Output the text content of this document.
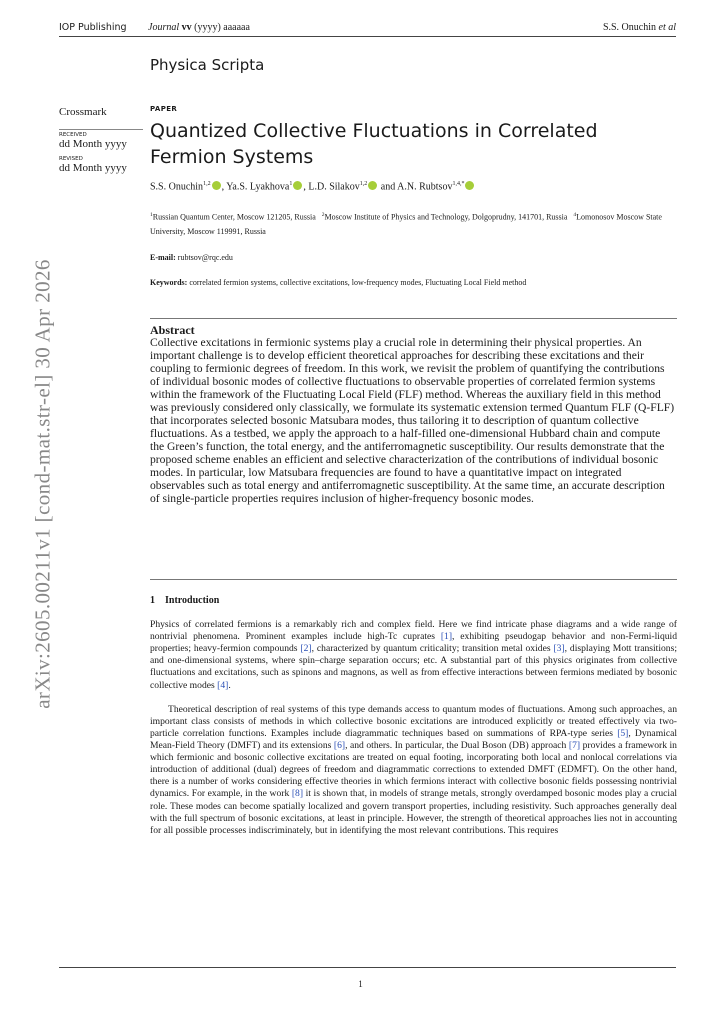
IOP Publishing Journal vv (yyyy) aaaaaa	S.S. Onuchin et al
Physica Scripta
Crossmark
RECEIVED
dd Month yyyy
REVISED
dd Month yyyy
PAPER
Quantized Collective Fluctuations in Correlated Fermion Systems
S.S. Onuchin$^{1,2}$ , Ya.S. Lyakhova$^1$ , L.D. Silakov$^{1,2}$ and A.N. Rubtsov$^{1,4,*}$
$^1$Russian Quantum Center, Moscow 121205, Russia $^2$Moscow Institute of Physics and Technology, Dolgoprudny, 141701, Russia $^4$Lomonosov Moscow State University, Moscow 119991, Russia
E-mail: rubtsov@rqc.edu
Keywords: correlated fermion systems, collective excitations, low-frequency modes, Fluctuating Local Field method
Abstract
Collective excitations in fermionic systems play a crucial role in determining their physical properties. An important challenge is to develop efficient theoretical approaches for describing these excitations and their coupling to fermionic degrees of freedom. In this work, we revisit the problem of quantifying the contributions of individual bosonic modes of collective fluctuations to observable properties of correlated fermion systems within the framework of the Fluctuating Local Field (FLF) method. Whereas the auxiliary field in this method was previously considered only classically, we formulate its systematic extension termed Quantum FLF (Q-FLF) that incorporates selected bosonic Matsubara modes, thus tailoring it to description of quantum collective fluctuations. As a testbed, we apply the approach to a half-filled one-dimensional Hubbard chain and compute the Green’s function, the total energy, and the antiferromagnetic susceptibility. Our results demonstrate that the proposed scheme enables an efficient and selective characterization of the contributions of individual bosonic modes. In particular, low Matsubara frequencies are found to have a quantitative impact on integrated observables such as total energy and antiferromagnetic susceptibility. At the same time, an accurate description of single-particle properties requires inclusion of higher-frequency bosonic modes.
1 Introduction

Physics of correlated fermions is a remarkably rich and complex field. Here we find intricate phase diagrams and a wide range of nontrivial phenomena. Prominent examples include high-Tc cuprates [1], exhibiting pseudogap behavior and non-Fermi-liquid properties; heavy-fermion compounds [2], characterized by quantum criticality; transition metal oxides [3], displaying Mott transitions; and one-dimensional systems, where spin–charge separation occurs; etc. A substantial part of this physics originates from collective fluctuations and excitations, such as spinons and magnons, as well as from effective interactions between fermions mediated by bosonic collective modes [4].

Theoretical description of real systems of this type demands access to quantum modes of fluctuations. Among such approaches, an important class consists of methods in which collective bosonic excitations are introduced explicitly or treated effectively via two-particle correlation functions. Examples include diagrammatic techniques based on summations of RPA-type series [5], Dynamical Mean-Field Theory (DMFT) and its extensions [6], and others. In particular, the Dual Boson (DB) approach [7] provides a framework in which fermionic and bosonic collective excitations are treated on equal footing, incorporating both local and nonlocal correlations via introduction of additional (dual) degrees of freedom and diagrammatic corrections to extended DMFT (EDMFT). On the other hand, there is a number of works considering effective theories in which fermions interact with collective bosonic fields possessing nontrivial dynamics. For example, in the work [8] it is shown that, in models of strange metals, strongly overdamped bosonic modes play a crucial role. These modes can become spatially localized and govern transport properties, including resistivity. Such approaches generally deal with the full spectrum of bosonic excitations, at least in principle. However, the strength of theoretical approaches lies not in accounting for all possible processes indiscriminately, but in identifying the most relevant contributions. This requires

arXiv:2605.00211v1 [cond-mat.str-el] 30 Apr 2026
1
